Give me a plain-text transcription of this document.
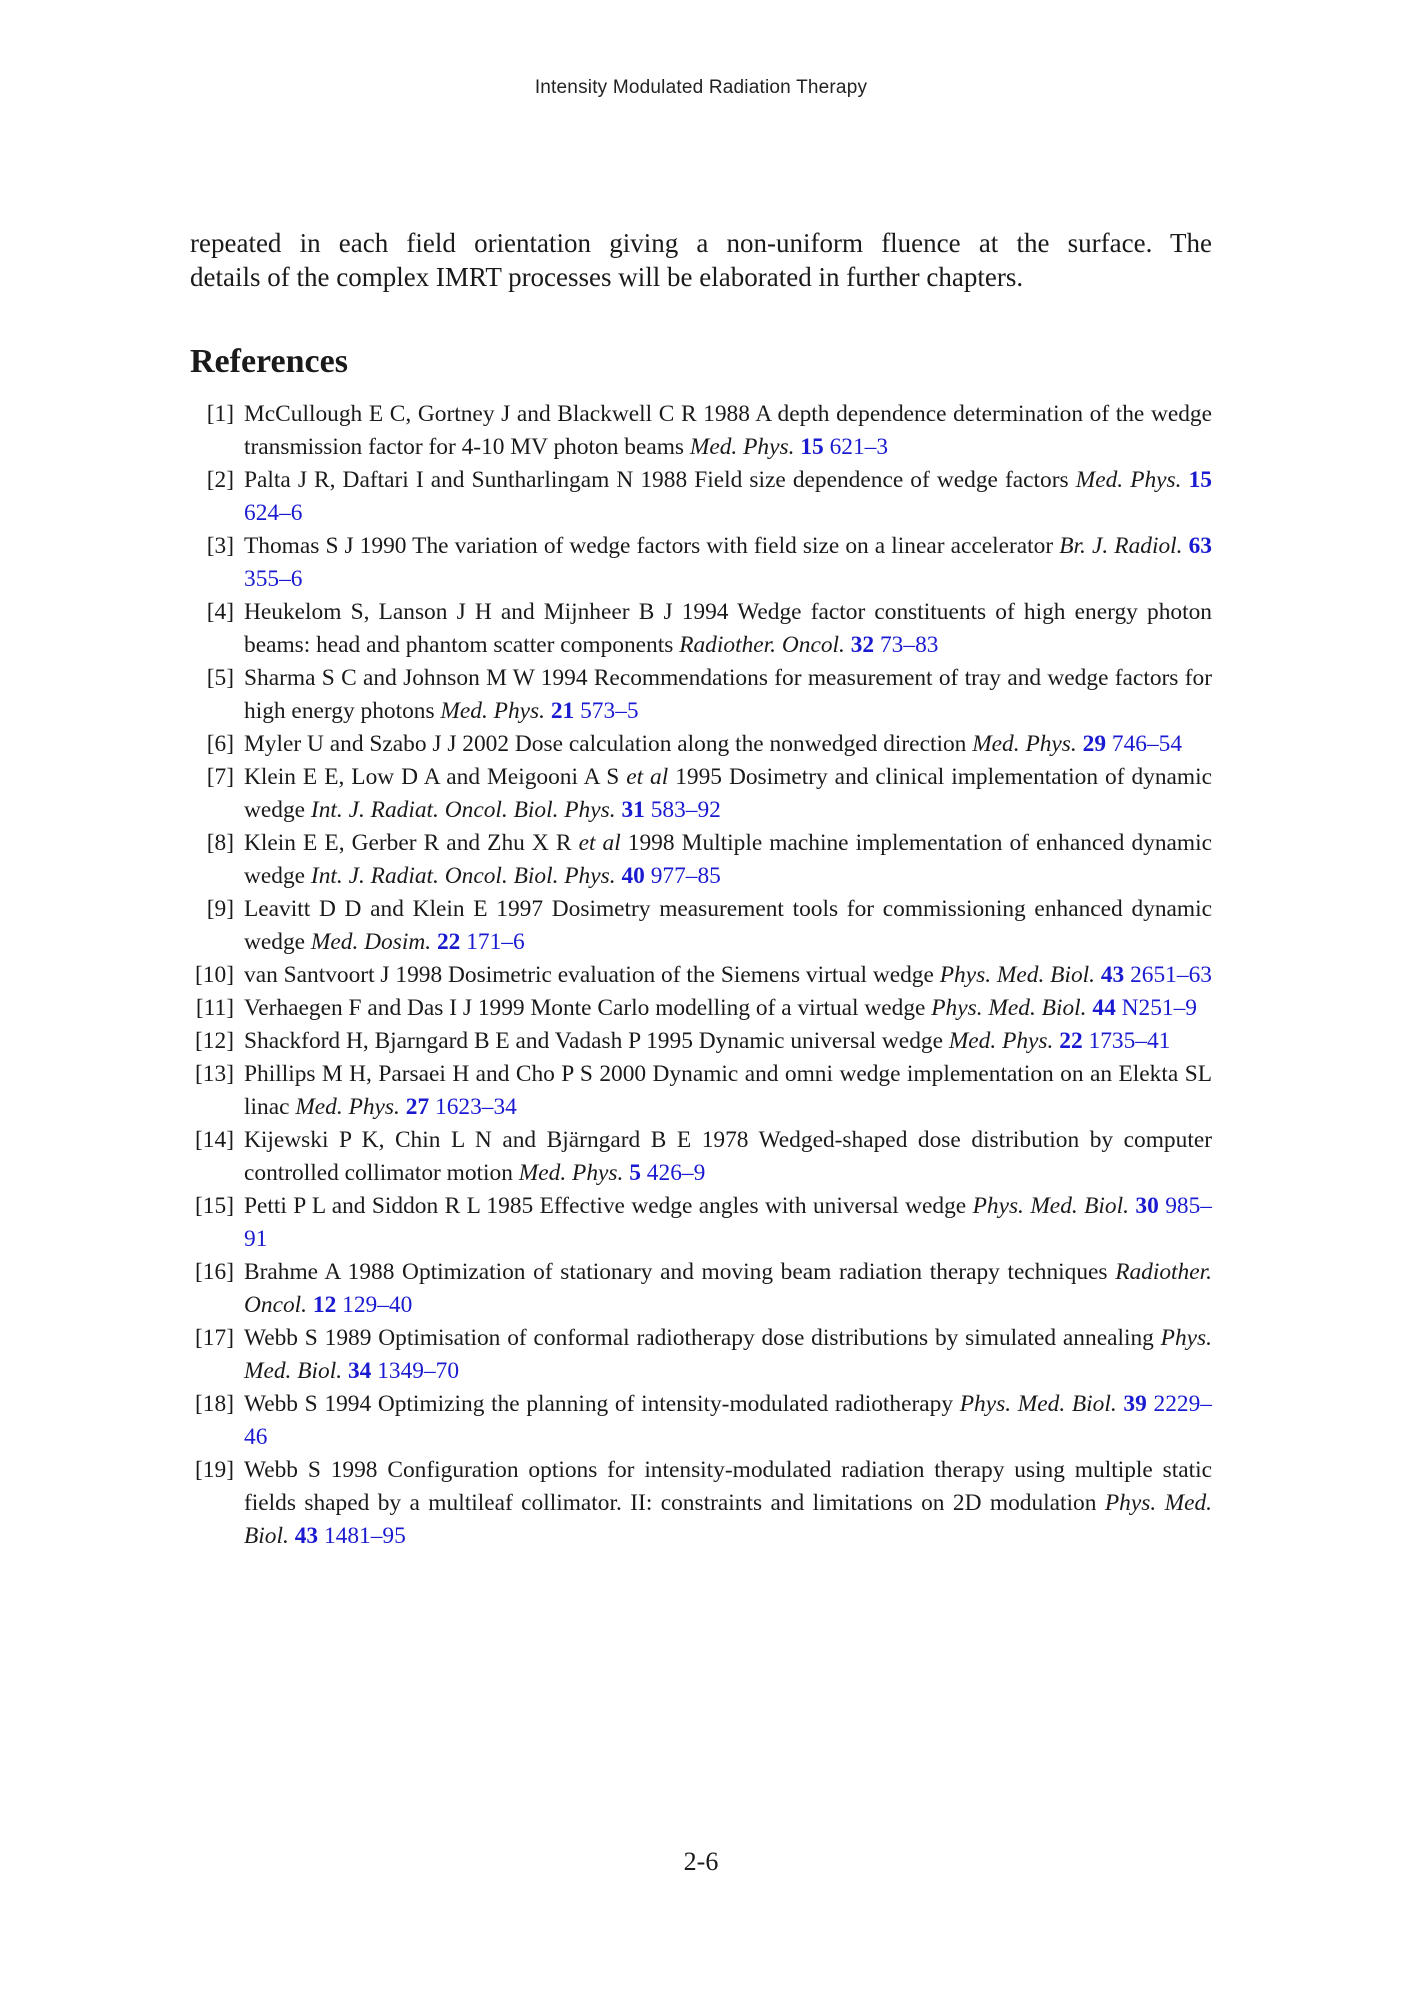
Intensity Modulated Radiation Therapy
repeated in each field orientation giving a non-uniform fluence at the surface. The
details of the complex IMRT processes will be elaborated in further chapters.
References
[1] McCullough E C, Gortney J and Blackwell C R 1988 A depth dependence determination of the wedge transmission factor for 4-10 MV photon beams Med. Phys. 15 621–3
[2] Palta J R, Daftari I and Suntharlingam N 1988 Field size dependence of wedge factors Med. Phys. 15 624–6
[3] Thomas S J 1990 The variation of wedge factors with field size on a linear accelerator Br. J. Radiol. 63 355–6
[4] Heukelom S, Lanson J H and Mijnheer B J 1994 Wedge factor constituents of high energy photon beams: head and phantom scatter components Radiother. Oncol. 32 73–83
[5] Sharma S C and Johnson M W 1994 Recommendations for measurement of tray and wedge factors for high energy photons Med. Phys. 21 573–5
[6] Myler U and Szabo J J 2002 Dose calculation along the nonwedged direction Med. Phys. 29 746–54
[7] Klein E E, Low D A and Meigooni A S et al 1995 Dosimetry and clinical implementation of dynamic wedge Int. J. Radiat. Oncol. Biol. Phys. 31 583–92
[8] Klein E E, Gerber R and Zhu X R et al 1998 Multiple machine implementation of enhanced dynamic wedge Int. J. Radiat. Oncol. Biol. Phys. 40 977–85
[9] Leavitt D D and Klein E 1997 Dosimetry measurement tools for commissioning enhanced dynamic wedge Med. Dosim. 22 171–6
[10] van Santvoort J 1998 Dosimetric evaluation of the Siemens virtual wedge Phys. Med. Biol. 43 2651–63
[11] Verhaegen F and Das I J 1999 Monte Carlo modelling of a virtual wedge Phys. Med. Biol. 44 N251–9
[12] Shackford H, Bjarngard B E and Vadash P 1995 Dynamic universal wedge Med. Phys. 22 1735–41
[13] Phillips M H, Parsaei H and Cho P S 2000 Dynamic and omni wedge implementation on an Elekta SL linac Med. Phys. 27 1623–34
[14] Kijewski P K, Chin L N and Bjärngard B E 1978 Wedged-shaped dose distribution by computer controlled collimator motion Med. Phys. 5 426–9
[15] Petti P L and Siddon R L 1985 Effective wedge angles with universal wedge Phys. Med. Biol. 30 985–91
[16] Brahme A 1988 Optimization of stationary and moving beam radiation therapy techniques Radiother. Oncol. 12 129–40
[17] Webb S 1989 Optimisation of conformal radiotherapy dose distributions by simulated annealing Phys. Med. Biol. 34 1349–70
[18] Webb S 1994 Optimizing the planning of intensity-modulated radiotherapy Phys. Med. Biol. 39 2229–46
[19] Webb S 1998 Configuration options for intensity-modulated radiation therapy using multiple static fields shaped by a multileaf collimator. II: constraints and limitations on 2D modulation Phys. Med. Biol. 43 1481–95
2-6
